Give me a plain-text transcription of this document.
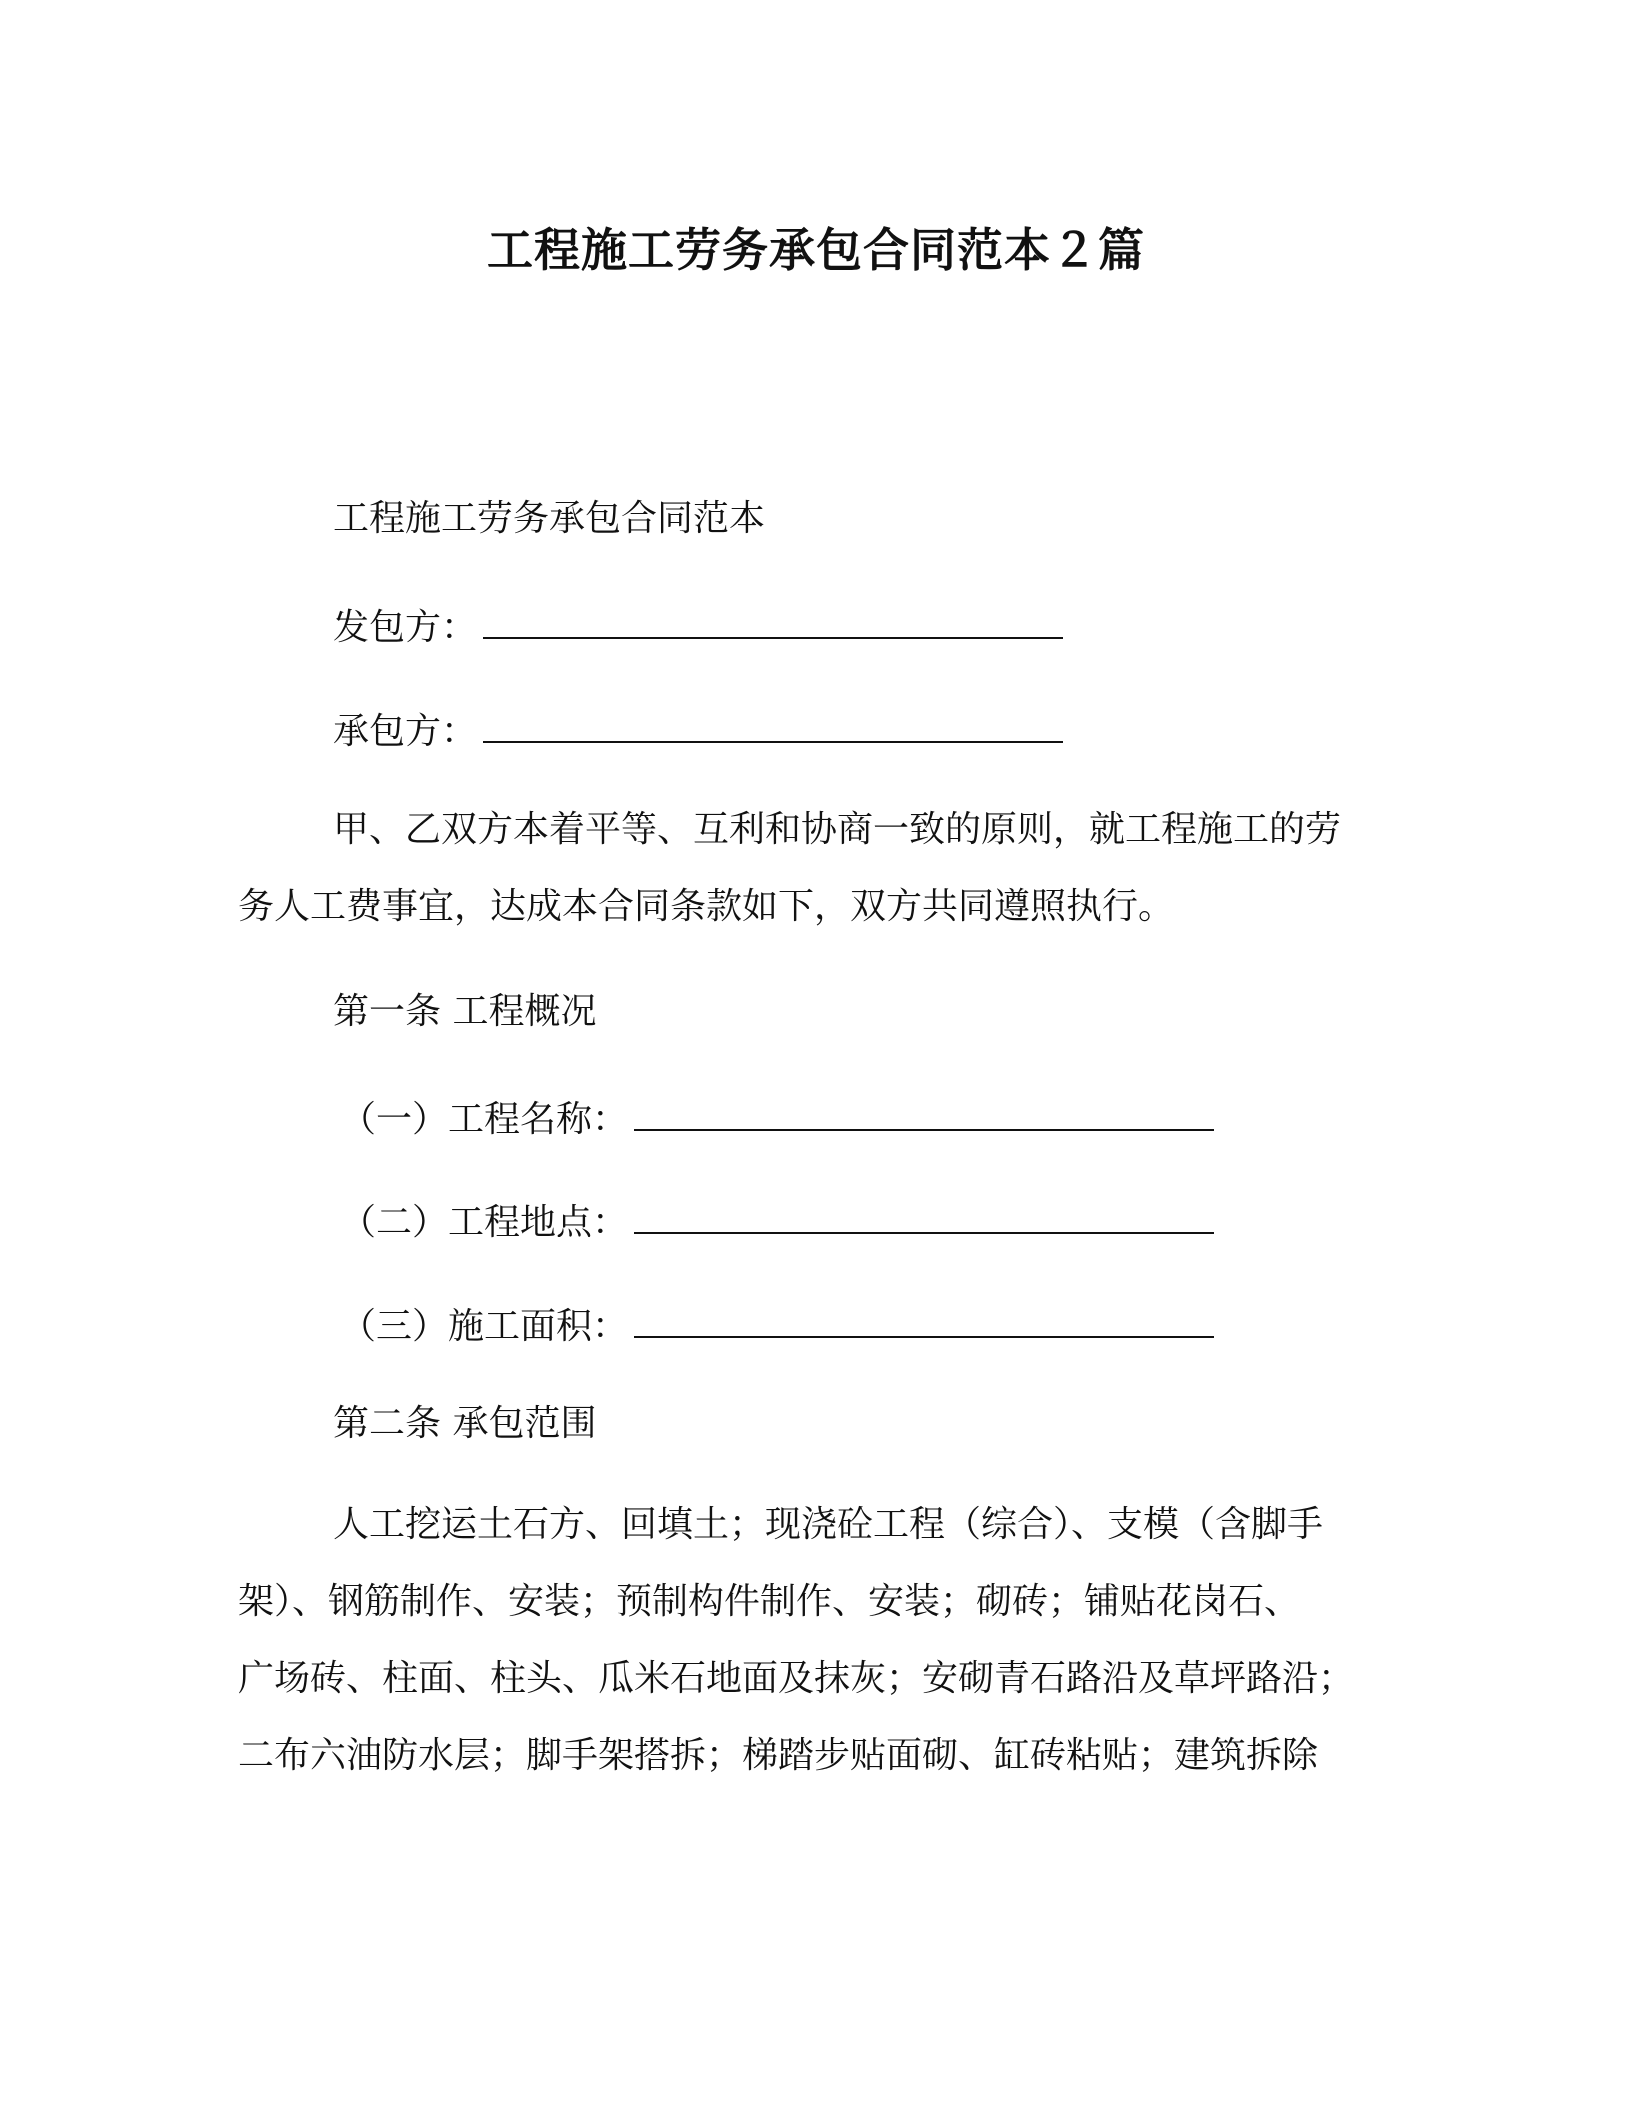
工程施工劳务承包合同范本２篇
工程施工劳务承包合同范本
发包方：
承包方：
甲、乙双方本着平等、互利和协商一致的原则，就工程施工的劳
务人工费事宜，达成本合同条款如下，双方共同遵照执行。
第一条 工程概况
（一）工程名称：
（二）工程地点：
（三）施工面积：
第二条 承包范围
人工挖运土石方、回填土；现浇砼工程（综合）、支模（含脚手
架）、钢筋制作、安装；预制构件制作、安装；砌砖；铺贴花岗石、
广场砖、柱面、柱头、瓜米石地面及抹灰；安砌青石路沿及草坪路沿；
二布六油防水层；脚手架搭拆；梯踏步贴面砌、缸砖粘贴；建筑拆除
